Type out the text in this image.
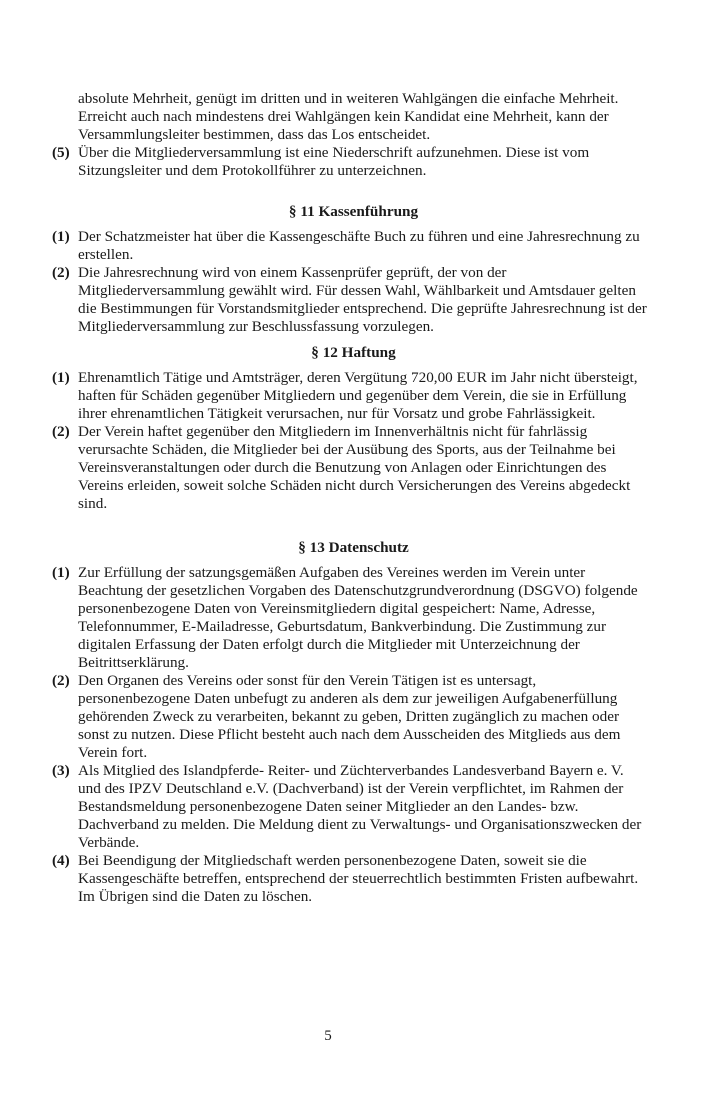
absolute Mehrheit, genügt im dritten und in weiteren Wahlgängen die einfache Mehrheit.
Erreicht auch nach mindestens drei Wahlgängen kein Kandidat eine Mehrheit, kann der
Versammlungsleiter bestimmen, dass das Los entscheidet.
(5) Über die Mitgliederversammlung ist eine Niederschrift aufzunehmen. Diese ist vom
Sitzungsleiter und dem Protokollführer zu unterzeichnen.
§ 11 Kassenführung
(1) Der Schatzmeister hat über die Kassengeschäfte Buch zu führen und eine Jahresrechnung zu
erstellen.
(2) Die Jahresrechnung wird von einem Kassenprüfer geprüft, der von der
Mitgliederversammlung gewählt wird. Für dessen Wahl, Wählbarkeit und Amtsdauer gelten
die Bestimmungen für Vorstandsmitglieder entsprechend. Die geprüfte Jahresrechnung ist der
Mitgliederversammlung zur Beschlussfassung vorzulegen.
§ 12 Haftung
(1) Ehrenamtlich Tätige und Amtsträger, deren Vergütung 720,00 EUR im Jahr nicht übersteigt,
haften für Schäden gegenüber Mitgliedern und gegenüber dem Verein, die sie in Erfüllung
ihrer ehrenamtlichen Tätigkeit verursachen, nur für Vorsatz und grobe Fahrlässigkeit.
(2) Der Verein haftet gegenüber den Mitgliedern im Innenverhältnis nicht für fahrlässig
verursachte Schäden, die Mitglieder bei der Ausübung des Sports, aus der Teilnahme bei
Vereinsveranstaltungen oder durch die Benutzung von Anlagen oder Einrichtungen des
Vereins erleiden, soweit solche Schäden nicht durch Versicherungen des Vereins abgedeckt
sind.
§ 13 Datenschutz
(1) Zur Erfüllung der satzungsgemäßen Aufgaben des Vereines werden im Verein unter
Beachtung der gesetzlichen Vorgaben des Datenschutzgrundverordnung (DSGVO) folgende
personenbezogene Daten von Vereinsmitgliedern digital gespeichert: Name, Adresse,
Telefonnummer, E-Mailadresse, Geburtsdatum, Bankverbindung. Die Zustimmung zur
digitalen Erfassung der Daten erfolgt durch die Mitglieder mit Unterzeichnung der
Beitrittserklärung.
(2) Den Organen des Vereins oder sonst für den Verein Tätigen ist es untersagt,
personenbezogene Daten unbefugt zu anderen als dem zur jeweiligen Aufgabenerfüllung
gehörenden Zweck zu verarbeiten, bekannt zu geben, Dritten zugänglich zu machen oder
sonst zu nutzen. Diese Pflicht besteht auch nach dem Ausscheiden des Mitglieds aus dem
Verein fort.
(3) Als Mitglied des Islandpferde- Reiter- und Züchterverbandes Landesverband Bayern e. V.
und des IPZV Deutschland e.V. (Dachverband) ist der Verein verpflichtet, im Rahmen der
Bestandsmeldung personenbezogene Daten seiner Mitglieder an den Landes- bzw.
Dachverband zu melden. Die Meldung dient zu Verwaltungs- und Organisationszwecken der
Verbände.
(4) Bei Beendigung der Mitgliedschaft werden personenbezogene Daten, soweit sie die
Kassengeschäfte betreffen, entsprechend der steuerrechtlich bestimmten Fristen aufbewahrt.
Im Übrigen sind die Daten zu löschen.
5
